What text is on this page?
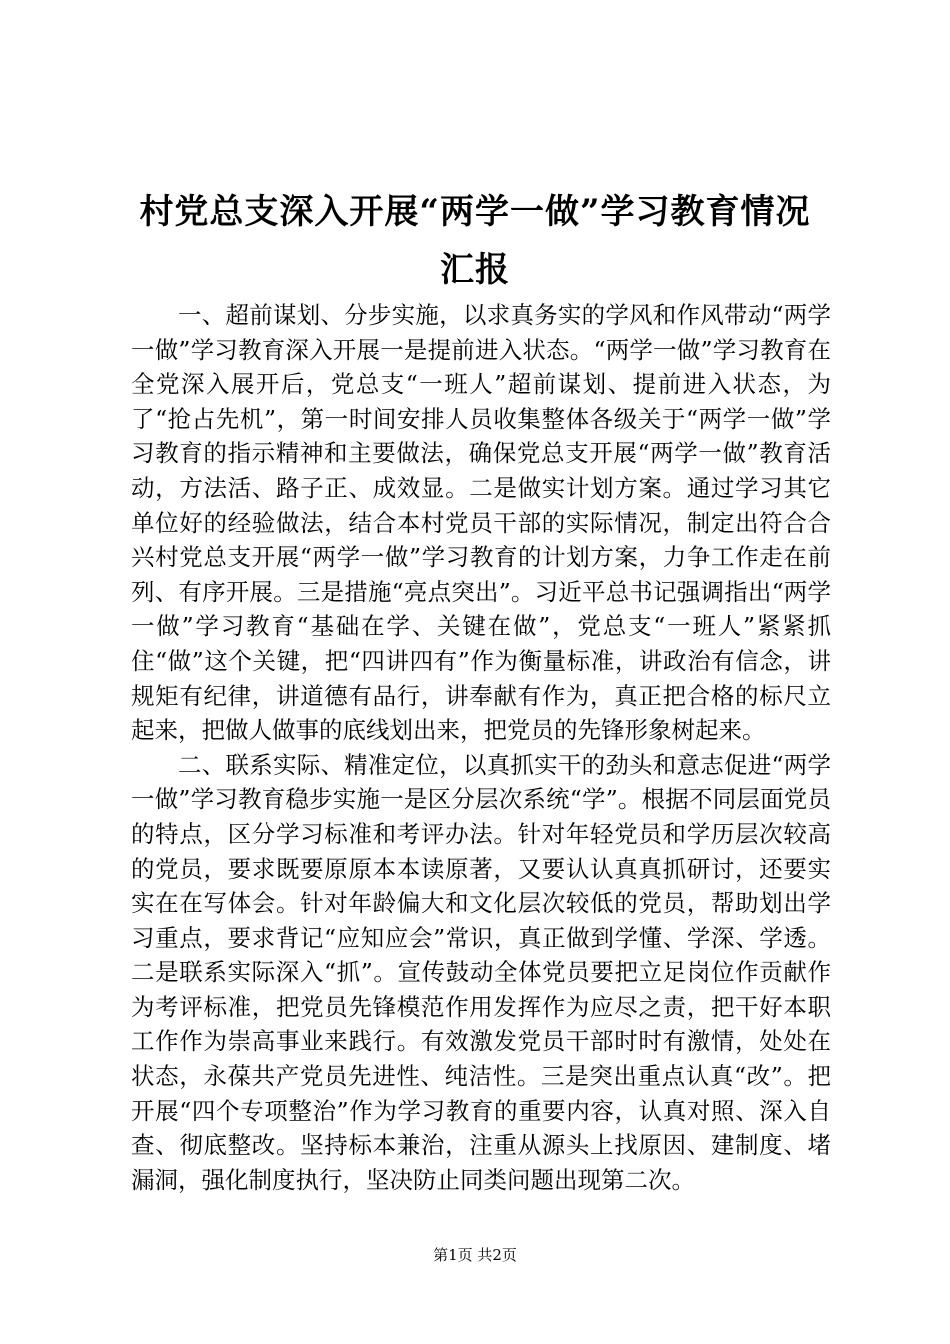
村党总支深入开展“两学一做”学习教育情况
汇报

一、超前谋划、分步实施，以求真务实的学风和作风带动“两学一做”学习教育深入开展一是提前进入状态。“两学一做”学习教育在全党深入展开后，党总支“一班人”超前谋划、提前进入状态，为了“抢占先机”，第一时间安排人员收集整体各级关于“两学一做”学习教育的指示精神和主要做法，确保党总支开展“两学一做”教育活动，方法活、路子正、成效显。二是做实计划方案。通过学习其它单位好的经验做法，结合本村党员干部的实际情况，制定出符合合兴村党总支开展“两学一做”学习教育的计划方案，力争工作走在前列、有序开展。三是措施“亮点突出”。习近平总书记强调指出“两学一做”学习教育“基础在学、关键在做”，党总支“一班人”紧紧抓住“做”这个关键，把“四讲四有”作为衡量标准，讲政治有信念，讲规矩有纪律，讲道德有品行，讲奉献有作为，真正把合格的标尺立起来，把做人做事的底线划出来，把党员的先锋形象树起来。

二、联系实际、精准定位，以真抓实干的劲头和意志促进“两学一做”学习教育稳步实施一是区分层次系统“学”。根据不同层面党员的特点，区分学习标准和考评办法。针对年轻党员和学历层次较高的党员，要求既要原原本本读原著，又要认认真真抓研讨，还要实实在在写体会。针对年龄偏大和文化层次较低的党员，帮助划出学习重点，要求背记“应知应会”常识，真正做到学懂、学深、学透。二是联系实际深入“抓”。宣传鼓动全体党员要把立足岗位作贡献作为考评标准，把党员先锋模范作用发挥作为应尽之责，把干好本职工作作为崇高事业来践行。有效激发党员干部时时有激情，处处在状态，永葆共产党员先进性、纯洁性。三是突出重点认真“改”。把开展“四个专项整治”作为学习教育的重要内容，认真对照、深入自查、彻底整改。坚持标本兼治，注重从源头上找原因、建制度、堵漏洞，强化制度执行，坚决防止同类问题出现第二次。

第1页 共2页
